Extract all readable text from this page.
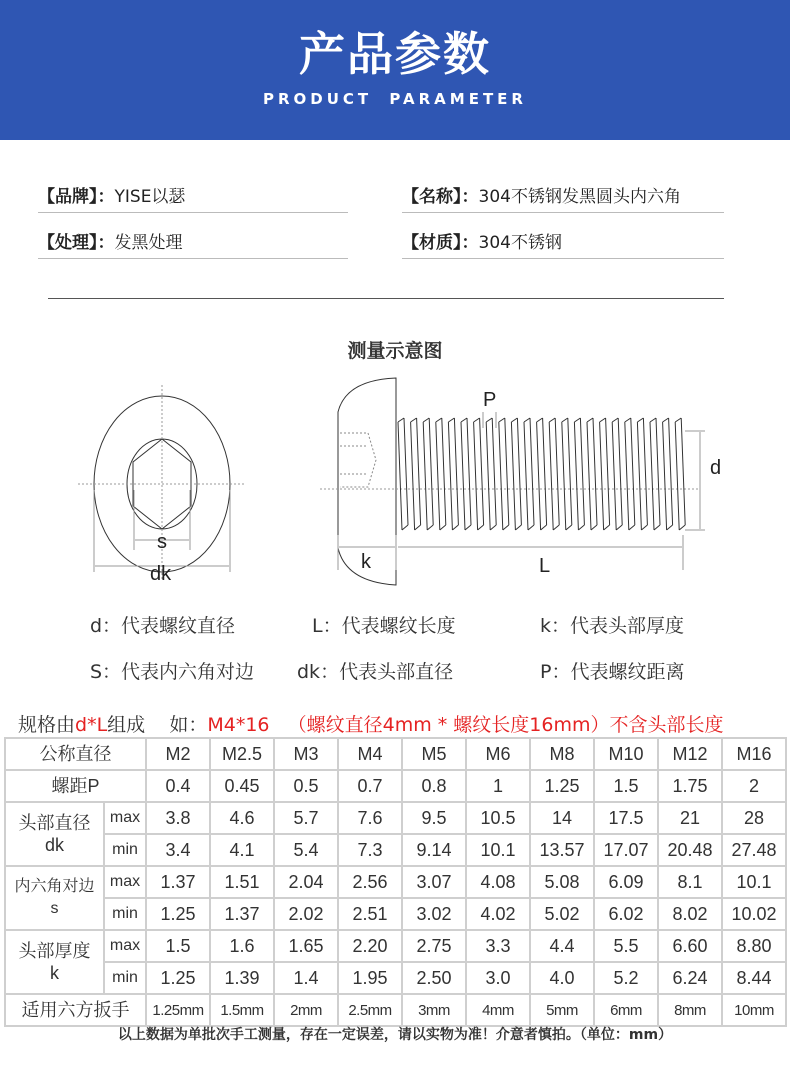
产品参数
PRODUCT PARAMETER
【品牌】：YISE以瑟	【名称】：304不锈钢发黑圆头内六角
【处理】：发黑处理	【材质】：304不锈钢
测量示意图
s
dk
k	L
P
d
d：代表螺纹直径	L：代表螺纹长度	k：代表头部厚度
S：代表内六角对边 dk：代表头部直径	P：代表螺纹距离
规格由d*L组成    如：M4*16   （螺纹直径4mm * 螺纹长度16mm）不含头部长度
公称直径		M2	M2.5	M3	M4	M5	M6	M8	M10	M12	M16
螺距P		0.4	0.45	0.5	0.7	0.8	1	1.25	1.5	1.75	2
头部直径
dk	max	3.8	4.6	5.7	7.6	9.5	10.5	14	17.5	21	28
	min	3.4	4.1	5.4	7.3	9.14	10.1	13.57	17.07	20.48	27.48
内六角对边
s	max	1.37	1.51	2.04	2.56	3.07	4.08	5.08	6.09	8.1	10.1
	min	1.25	1.37	2.02	2.51	3.02	4.02	5.02	6.02	8.02	10.02
头部厚度
k	max	1.5	1.6	1.65	2.20	2.75	3.3	4.4	5.5	6.60	8.80
	min	1.25	1.39	1.4	1.95	2.50	3.0	4.0	5.2	6.24	8.44
适用六方扳手		1.25mm	1.5mm	2mm	2.5mm	3mm	4mm	5mm	6mm	8mm	10mm
以上数据为单批次手工测量，存在一定误差，请以实物为准！介意者慎拍。（单位：mm）
